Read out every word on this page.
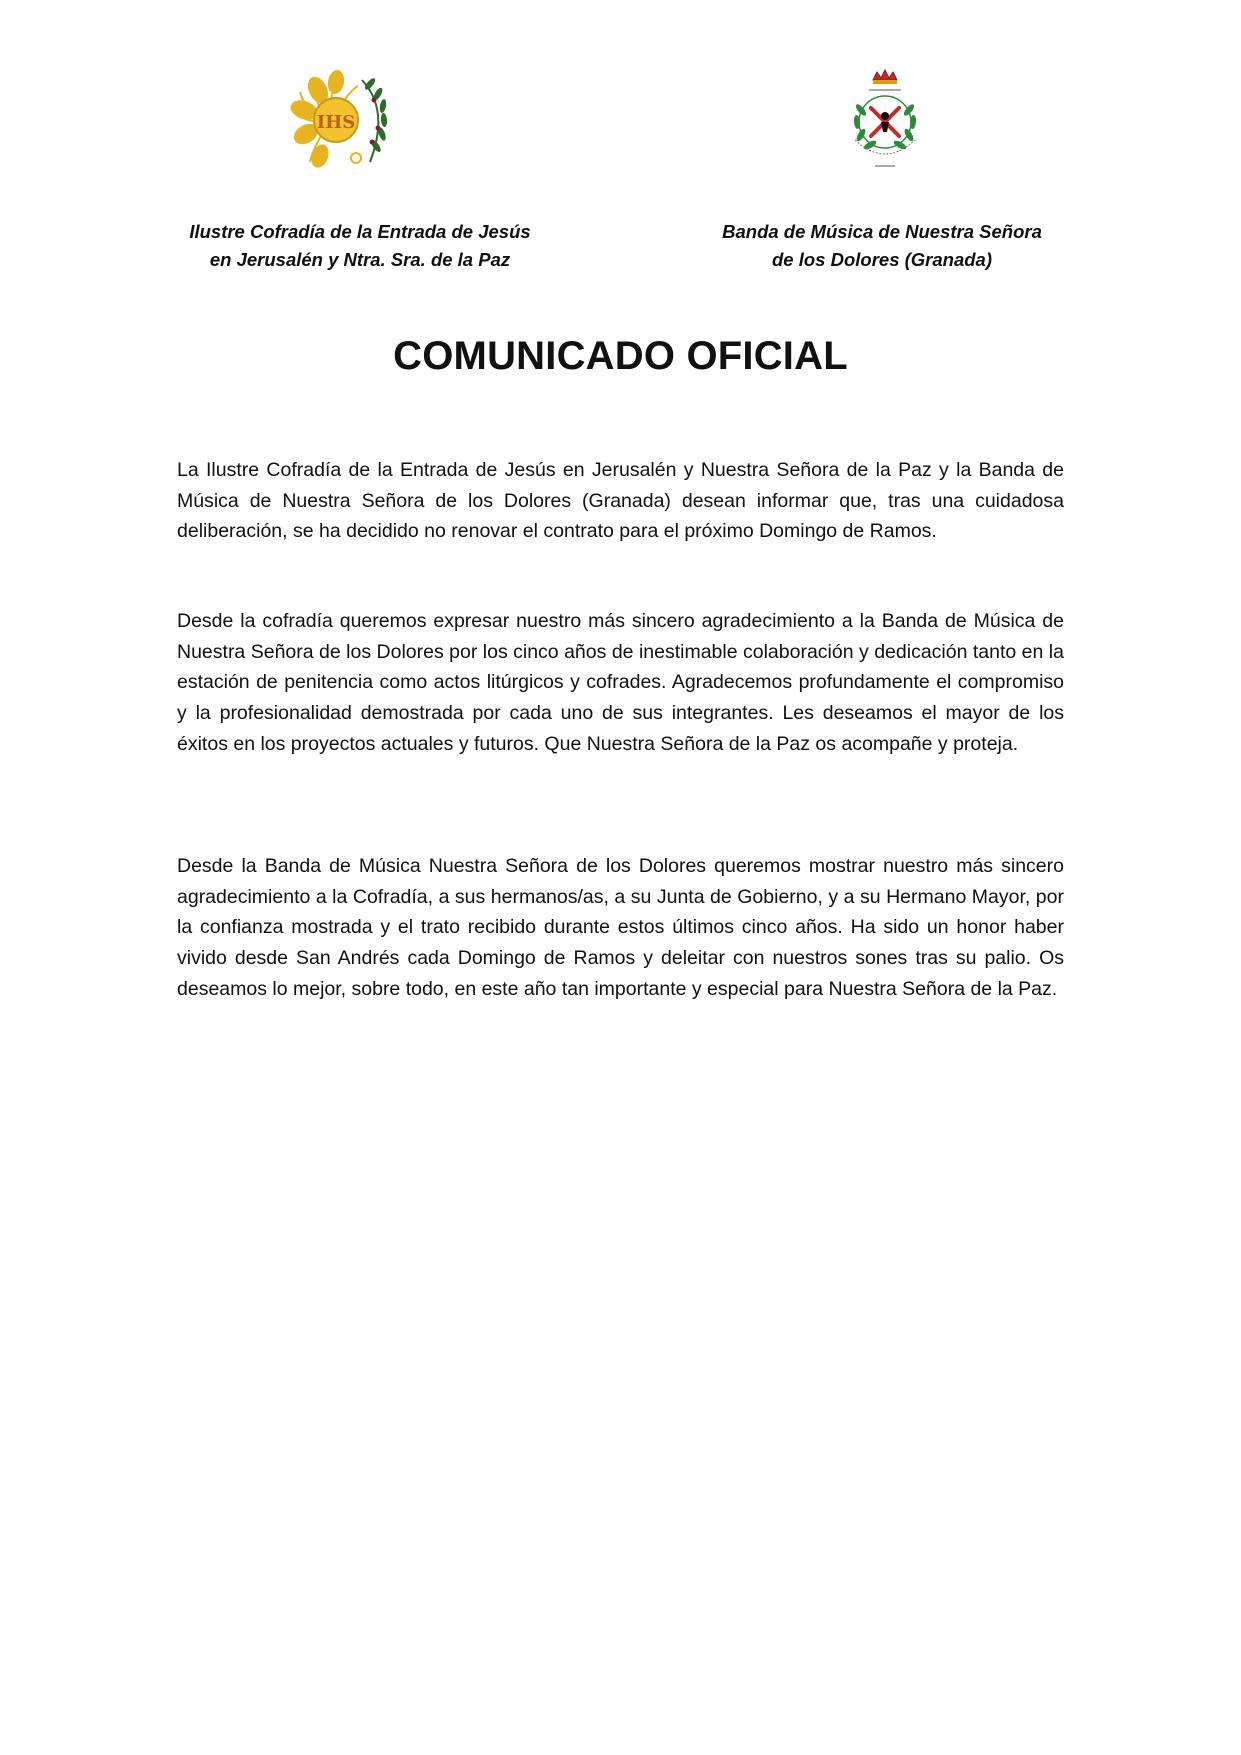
IHS
Ilustre Cofradía de la Entrada de Jesús
en Jerusalén y Ntra. Sra. de la Paz
Banda de Música de Nuestra Señora
de los Dolores (Granada)
COMUNICADO OFICIAL

La Ilustre Cofradía de la Entrada de Jesús en Jerusalén y Nuestra Señora de la Paz y la Banda de Música de Nuestra Señora de los Dolores (Granada) desean informar que, tras una cuidadosa deliberación, se ha decidido no renovar el contrato para el próximo Domingo de Ramos.

Desde la cofradía queremos expresar nuestro más sincero agradecimiento a la Banda de Música de Nuestra Señora de los Dolores por los cinco años de inestimable colaboración y dedicación tanto en la estación de penitencia como actos litúrgicos y cofrades. Agradecemos profundamente el compromiso y la profesionalidad demostrada por cada uno de sus integrantes. Les deseamos el mayor de los éxitos en los proyectos actuales y futuros. Que Nuestra Señora de la Paz os acompañe y proteja.

Desde la Banda de Música Nuestra Señora de los Dolores queremos mostrar nuestro más sincero agradecimiento a la Cofradía, a sus hermanos/as, a su Junta de Gobierno, y a su Hermano Mayor, por la confianza mostrada y el trato recibido durante estos últimos cinco años. Ha sido un honor haber vivido desde San Andrés cada Domingo de Ramos y deleitar con nuestros sones tras su palio. Os deseamos lo mejor, sobre todo, en este año tan importante y especial para Nuestra Señora de la Paz.
